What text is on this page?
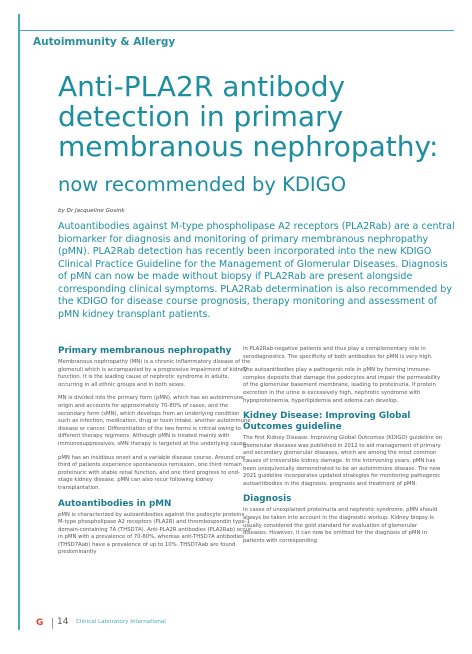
Autoimmunity & Allergy
Anti-PLA2R antibody detection in primary membranous nephropathy:
now recommended by KDIGO
by Dr Jacqueline Gosink

Autoantibodies against M-type phospholipase A2 receptors (PLA2Rab) are a central biomarker for diagnosis and monitoring of primary membranous nephropathy (pMN). PLA2Rab detection has recently been incorporated into the new KDIGO Clinical Practice Guideline for the Management of Glomerular Diseases. Diagnosis of pMN can now be made without biopsy if PLA2Rab are present alongside corresponding clinical symptoms. PLA2Rab determination is also recommended by the KDIGO for disease course prognosis, therapy monitoring and assessment of pMN kidney transplant patients.

Primary membranous nephropathy

Membranous nephropathy (MN) is a chronic inflammatory disease of the glomeruli which is accompanied by a progressive impairment of kidney function. It is the leading cause of nephrotic syndrome in adults, occurring in all ethnic groups and in both sexes.

MN is divided into the primary form (pMN), which has an autoimmune origin and accounts for approximately 70-80% of cases, and the secondary form (sMN), which develops from an underlying condition such as infection, medication, drug or toxin intake, another autoimmune disease or cancer. Differentiation of the two forms is critical owing to different therapy regimens. Although pMN is treated mainly with immunosuppressives, sMN therapy is targeted at the underlying cause.

pMN has an insidious onset and a variable disease course. Around one third of patients experience spontaneous remission, one third remain proteinuric with stable renal function, and one third progress to end-stage kidney disease. pMN can also recur following kidney transplantation.

Autoantibodies in pMN

pMN is characterized by autoantibodies against the podocyte proteins M-type phospholipase A2 receptors (PLA2R) and thrombospondin type-1 domain-containing 7A (THSD7A). Anti-PLA2R antibodies (PLA2Rab) occur in pMN with a prevalence of 70-80%, whereas anti-THSD7A antibodies (THSD7Aab) have a prevalence of up to 10%. THSD7Aab are found predominantly

in PLA2Rab-negative patients and thus play a complementary role in serodiagnostics. The specificity of both antibodies for pMN is very high.

The autoantibodies play a pathogenic role in pMN by forming immune-complex deposits that damage the podocytes and impair the permeability of the glomerular basement membrane, leading to proteinuria. If protein excretion in the urine is excessively high, nephrotic syndrome with hypoproteinemia, hyperlipidemia and edema can develop.

Kidney Disease: Improving Global Outcomes guideline

The first Kidney Disease: Improving Global Outcomes (KDIGO) guideline on glomerular diseases was published in 2012 to aid management of primary and secondary glomerular diseases, which are among the most common causes of irreversible kidney damage. In the intervening years, pMN has been unequivocally demonstrated to be an autoimmune disease. The new 2021 guideline incorporates updated strategies for monitoring pathogenic autoantibodies in the diagnosis, prognosis and treatment of pMN.

Diagnosis

In cases of unexplained proteinuria and nephrotic syndrome, pMN should always be taken into account in the diagnostic workup. Kidney biopsy is usually considered the gold standard for evaluation of glomerular diseases. However, it can now be omitted for the diagnosis of pMN in patients with corresponding

G 14 Clinical Laboratory International
